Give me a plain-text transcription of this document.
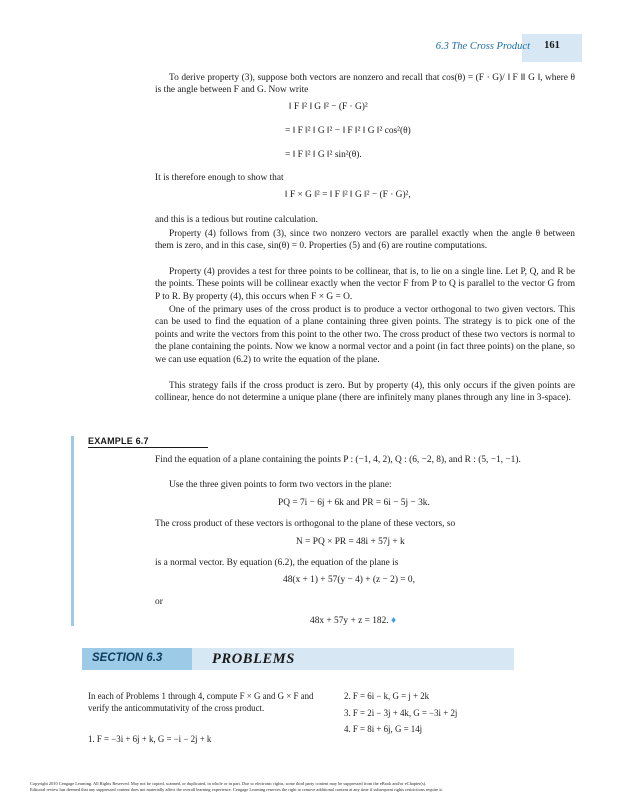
6.3 The Cross Product	161
To derive property (3), suppose both vectors are nonzero and recall that cos(θ) = (F · G)/ ‖ F ‖‖ G ‖, where θ is the angle between F and G. Now write
‖ F ‖² ‖ G ‖² − (F · G)²
= ‖ F ‖² ‖ G ‖² − ‖ F ‖² ‖ G ‖² cos²(θ)
= ‖ F ‖² ‖ G ‖² sin²(θ).
It is therefore enough to show that
‖ F × G ‖² = ‖ F ‖² ‖ G ‖² − (F · G)²,
and this is a tedious but routine calculation.
Property (4) follows from (3), since two nonzero vectors are parallel exactly when the angle θ between them is zero, and in this case, sin(θ) = 0. Properties (5) and (6) are routine computations.
Property (4) provides a test for three points to be collinear, that is, to lie on a single line. Let P, Q, and R be the points. These points will be collinear exactly when the vector F from P to Q is parallel to the vector G from P to R. By property (4), this occurs when F × G = O.
One of the primary uses of the cross product is to produce a vector orthogonal to two given vectors. This can be used to find the equation of a plane containing three given points. The strategy is to pick one of the points and write the vectors from this point to the other two. The cross product of these two vectors is normal to the plane containing the points. Now we know a normal vector and a point (in fact three points) on the plane, so we can use equation (6.2) to write the equation of the plane.
This strategy fails if the cross product is zero. But by property (4), this only occurs if the given points are collinear, hence do not determine a unique plane (there are infinitely many planes through any line in 3-space).
EXAMPLE 6.7
Find the equation of a plane containing the points P : (−1, 4, 2), Q : (6, −2, 8), and R : (5, −1, −1).
Use the three given points to form two vectors in the plane:
PQ = 7i − 6j + 6k and PR = 6i − 5j − 3k.
The cross product of these vectors is orthogonal to the plane of these vectors, so
N = PQ × PR = 48i + 57j + k
is a normal vector. By equation (6.2), the equation of the plane is
48(x + 1) + 57(y − 4) + (z − 2) = 0,
or
48x + 57y + z = 182. ♦
SECTION 6.3	PROBLEMS
In each of Problems 1 through 4, compute F × G and G × F and verify the anticommutativity of the cross product.
1. F = −3i + 6j + k, G = −i − 2j + k
2. F = 6i − k, G = j + 2k
3. F = 2i − 3j + 4k, G = −3i + 2j
4. F = 8i + 6j, G = 14j
Copyright 2010 Cengage Learning. All Rights Reserved. May not be copied, scanned, or duplicated, in whole or in part. Due to electronic rights, some third party content may be suppressed from the eBook and/or eChapter(s).
Editorial review has deemed that any suppressed content does not materially affect the overall learning experience. Cengage Learning reserves the right to remove additional content at any time if subsequent rights restrictions require it.
